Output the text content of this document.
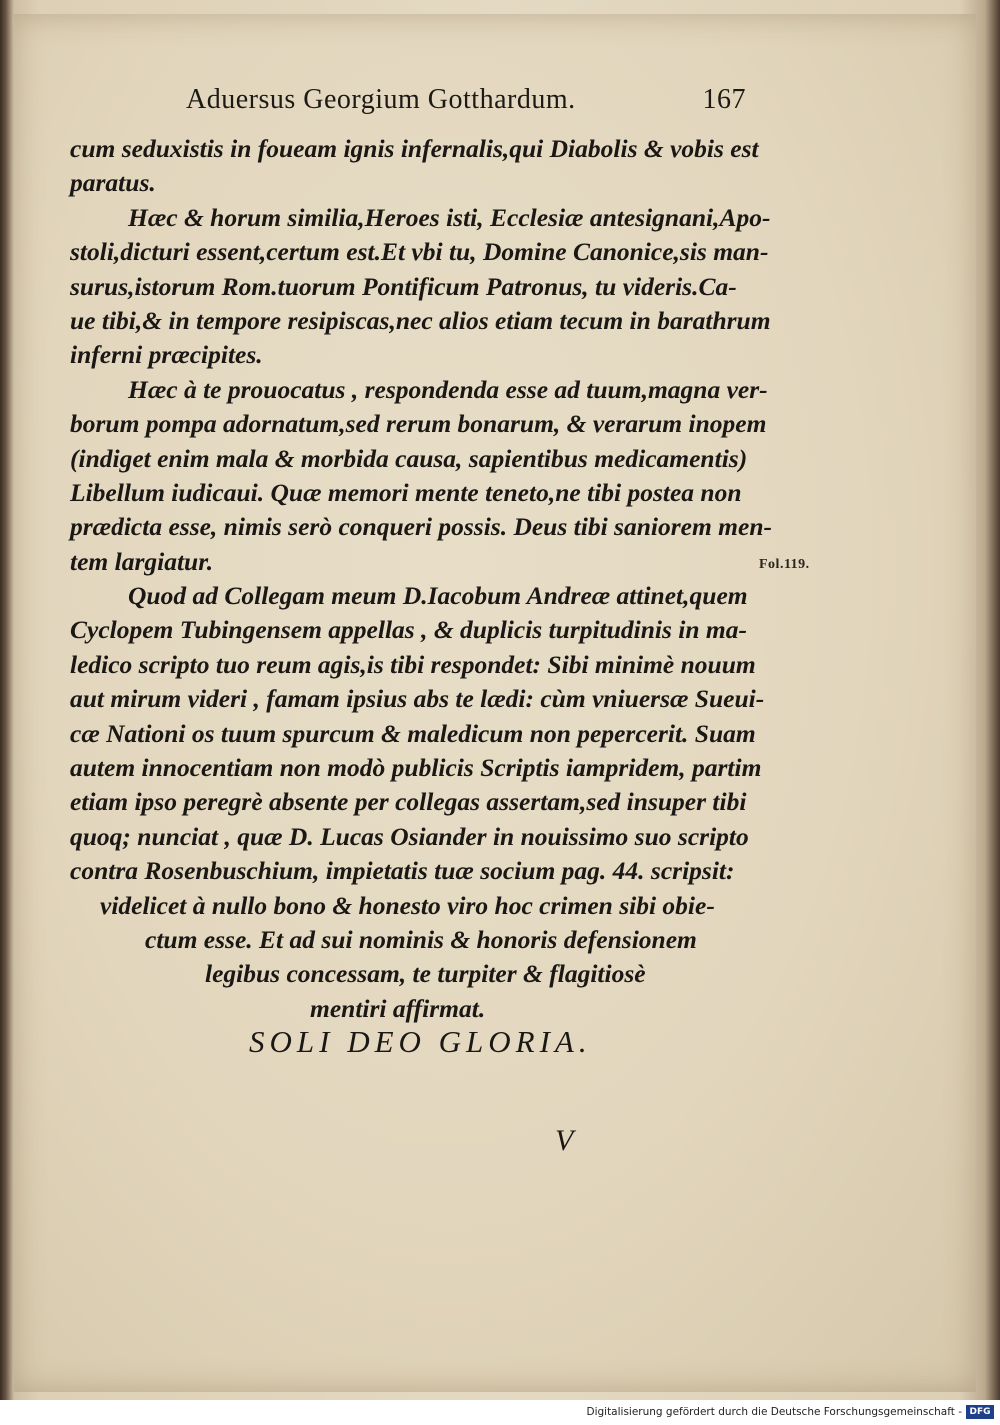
Aduersus Georgium Gotthardum.	167
cum seduxistis in foueam ignis infernalis,qui Diabolis & vobis est
paratus.
Hæc & horum similia,Heroes isti, Ecclesiæ antesignani,Apo-
stoli,dicturi essent,certum est.Et vbi tu, Domine Canonice,sis man-
surus,istorum Rom.tuorum Pontificum Patronus, tu videris.Ca-
ue tibi,& in tempore resipiscas,nec alios etiam tecum in barathrum
inferni præcipites.
Hæc à te prouocatus , respondenda esse ad tuum,magna ver-
borum pompa adornatum,sed rerum bonarum, & verarum inopem
(indiget enim mala & morbida causa, sapientibus medicamentis)
Libellum iudicaui. Quæ memori mente teneto,ne tibi postea non
prædicta esse, nimis serò conqueri possis. Deus tibi saniorem men-
tem largiatur.
Quod ad Collegam meum D.Iacobum Andreæ attinet,quem
Cyclopem Tubingensem appellas , & duplicis turpitudinis in ma-
ledico scripto tuo reum agis,is tibi respondet: Sibi minimè nouum
aut mirum videri , famam ipsius abs te lædi: cùm vniuersæ Sueui-
cæ Nationi os tuum spurcum & maledicum non pepercerit. Suam
autem innocentiam non modò publicis Scriptis iampridem, partim
etiam ipso peregrè absente per collegas assertam,sed insuper tibi
quoq; nunciat , quæ D. Lucas Osiander in nouissimo suo scripto
contra Rosenbuschium, impietatis tuæ socium pag. 44. scripsit:
videlicet à nullo bono & honesto viro hoc crimen sibi obie-
ctum esse. Et ad sui nominis & honoris defensionem
legibus concessam, te turpiter & flagitiosè
mentiri affirmat.
Fol.119.
SOLI DEO GLORIA.
V
Digitalisierung gefördert durch die Deutsche Forschungsgemeinschaft - DFG
